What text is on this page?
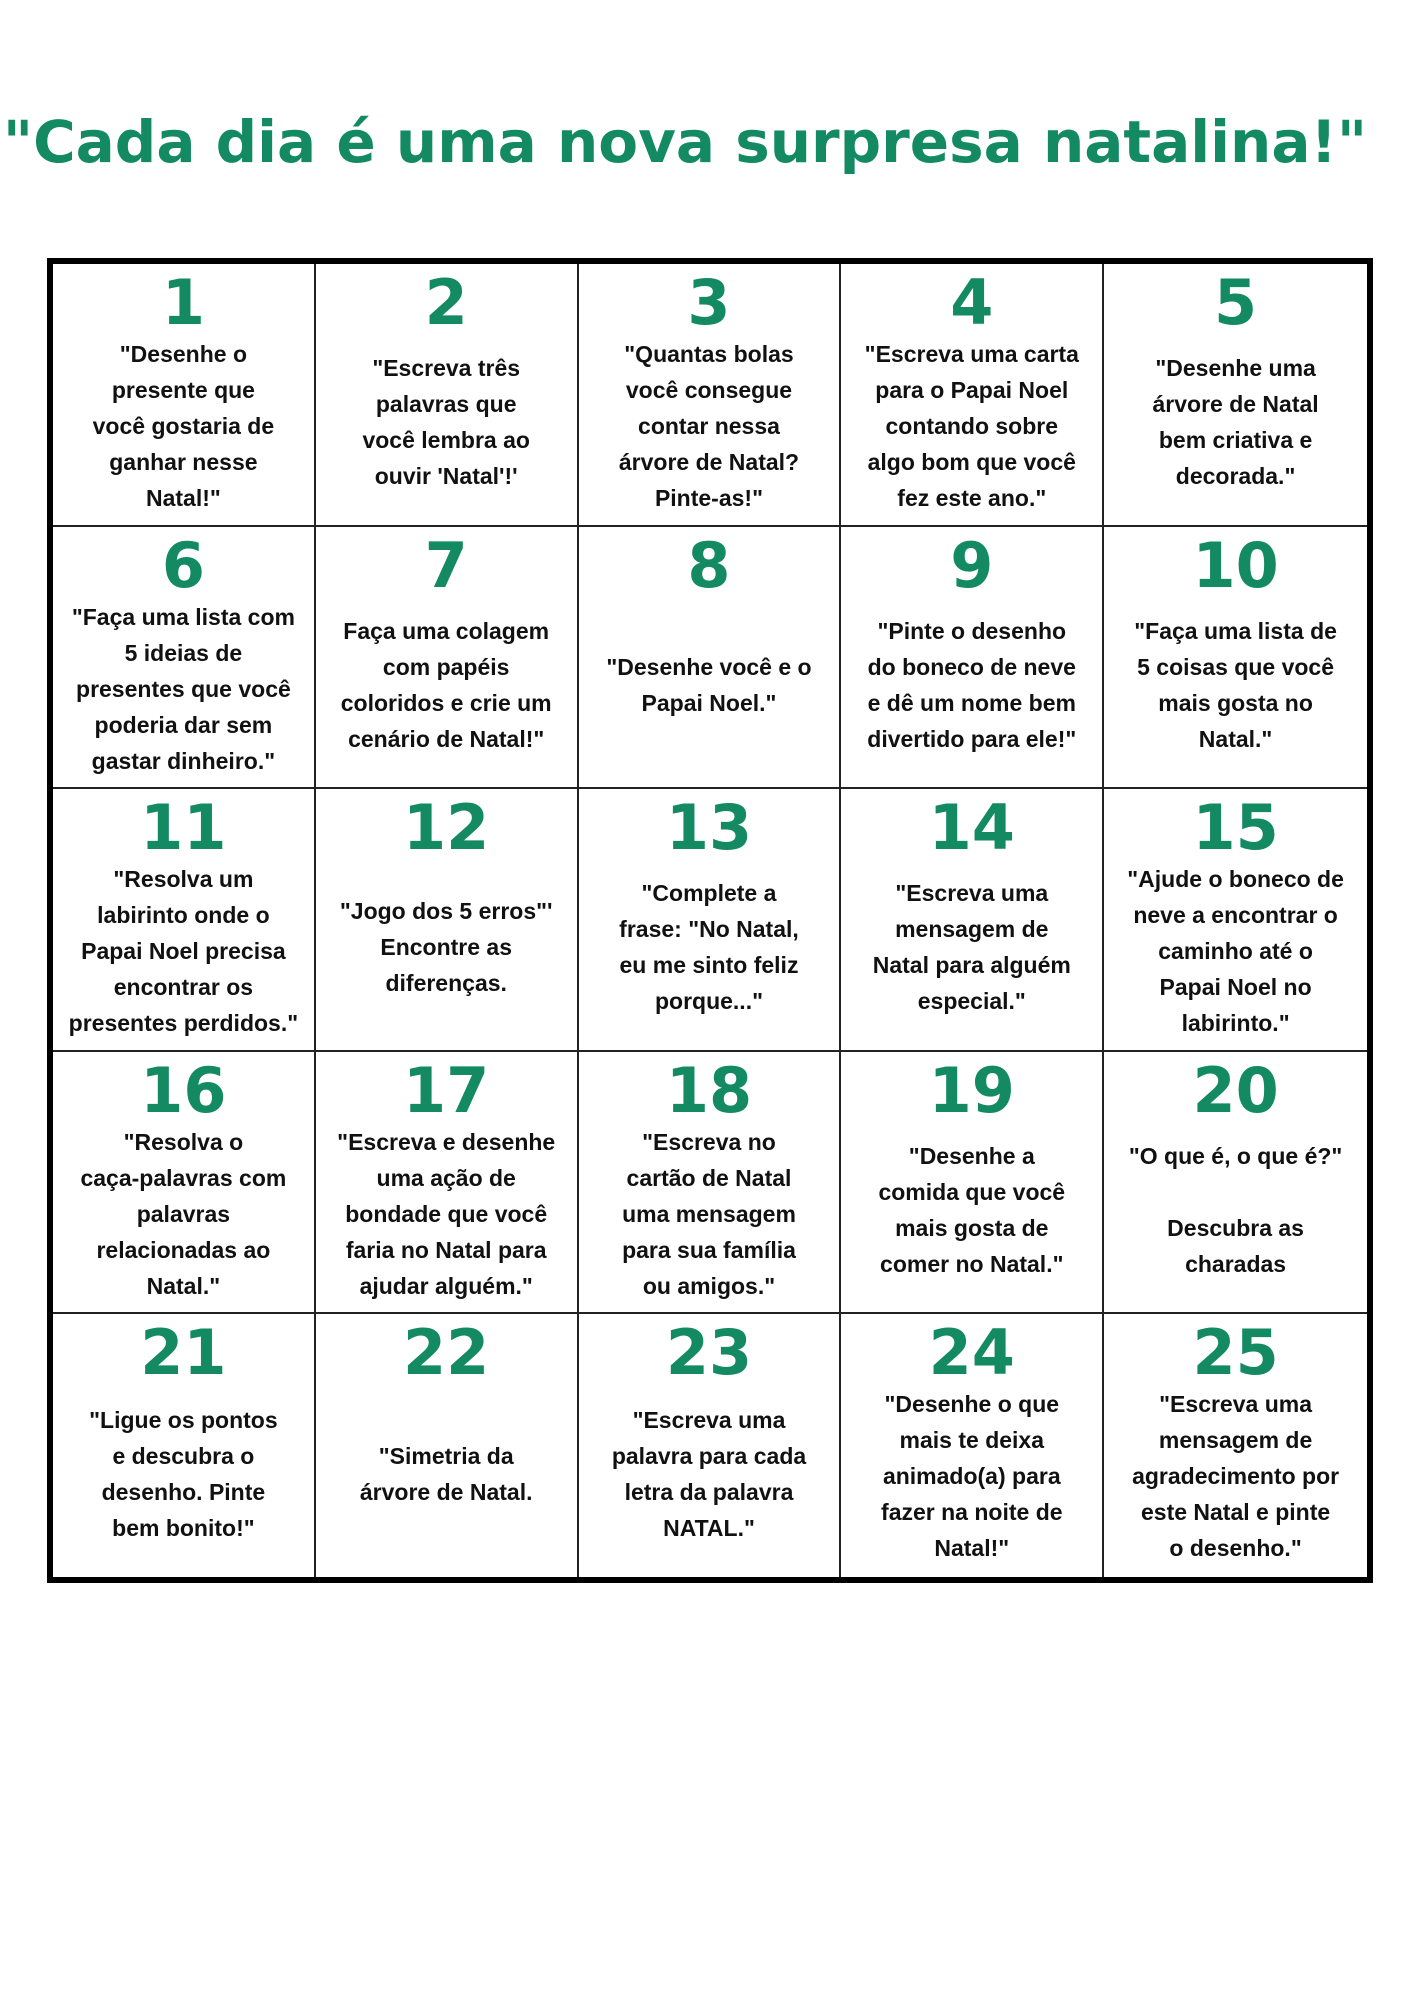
"Cada dia é uma nova surpresa natalina!"
1
"Desenhe o
presente que
você gostaria de
ganhar nesse
Natal!"
2
"Escreva três
palavras que
você lembra ao
ouvir 'Natal'!'
3
"Quantas bolas
você consegue
contar nessa
árvore de Natal?
Pinte-as!"
4
"Escreva uma carta
para o Papai Noel
contando sobre
algo bom que você
fez este ano."
5
"Desenhe uma
árvore de Natal
bem criativa e
decorada."
6
"Faça uma lista com
5 ideias de
presentes que você
poderia dar sem
gastar dinheiro."
7
Faça uma colagem
com papéis
coloridos e crie um
cenário de Natal!"
8
"Desenhe você e o
Papai Noel."
9
"Pinte o desenho
do boneco de neve
e dê um nome bem
divertido para ele!"
10
"Faça uma lista de
5 coisas que você
mais gosta no
Natal."
11
"Resolva um
labirinto onde o
Papai Noel precisa
encontrar os
presentes perdidos."
12
"Jogo dos 5 erros"'
Encontre as
diferenças.
13
"Complete a
frase: "No Natal,
eu me sinto feliz
porque..."
14
"Escreva uma
mensagem de
Natal para alguém
especial."
15
"Ajude o boneco de
neve a encontrar o
caminho até o
Papai Noel no
labirinto."
16
"Resolva o
caça-palavras com
palavras
relacionadas ao
Natal."
17
"Escreva e desenhe
uma ação de
bondade que você
faria no Natal para
ajudar alguém."
18
"Escreva no
cartão de Natal
uma mensagem
para sua família
ou amigos."
19
"Desenhe a
comida que você
mais gosta de
comer no Natal."
20
"O que é, o que é?"

Descubra as
charadas
21
"Ligue os pontos
e descubra o
desenho. Pinte
bem bonito!"
22
"Simetria da
árvore de Natal.
23
"Escreva uma
palavra para cada
letra da palavra
NATAL."
24
"Desenhe o que
mais te deixa
animado(a) para
fazer na noite de
Natal!"
25
"Escreva uma
mensagem de
agradecimento por
este Natal e pinte
o desenho."
